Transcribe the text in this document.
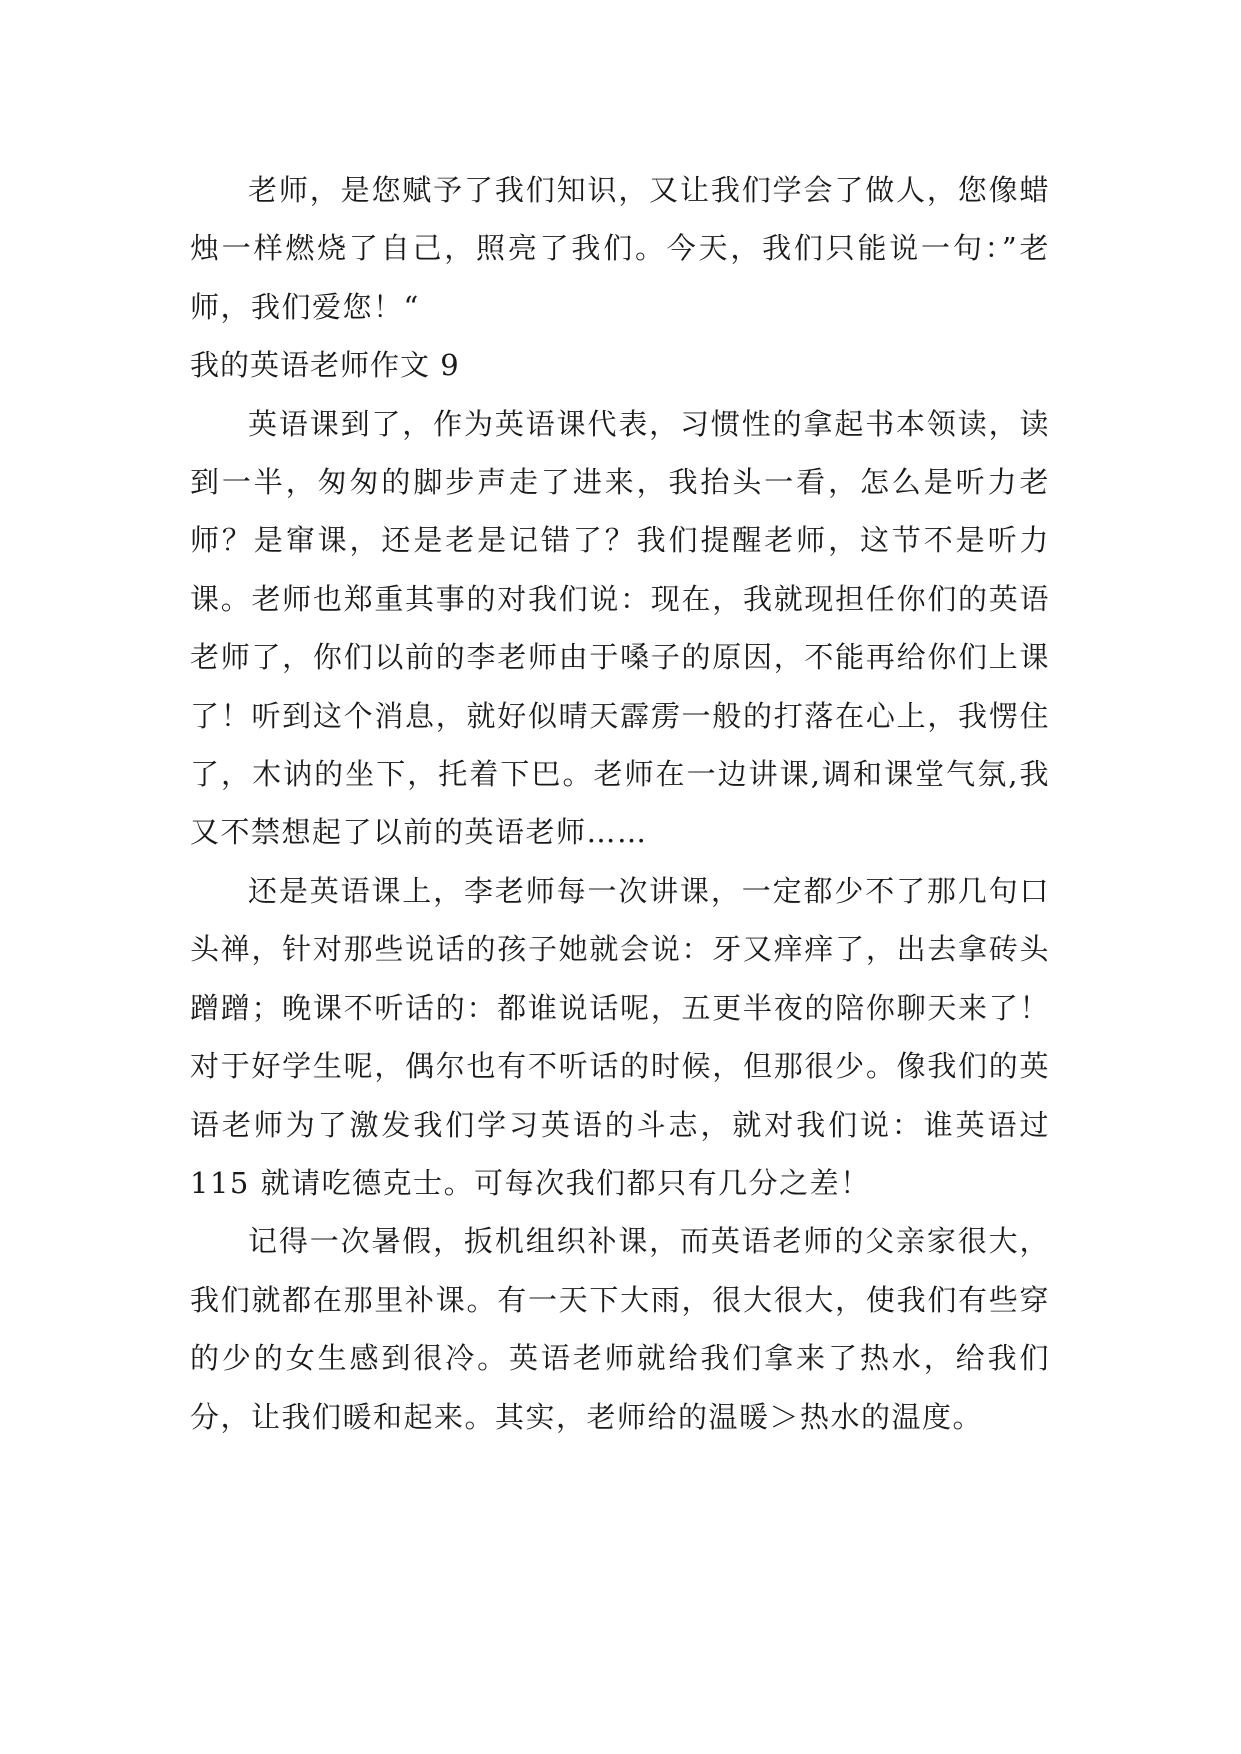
老师，是您赋予了我们知识，又让我们学会了做人，您像蜡烛一样燃烧了自己，照亮了我们。今天，我们只能说一句：”老师，我们爱您！“

我的英语老师作文 9

英语课到了，作为英语课代表，习惯性的拿起书本领读，读到一半，匆匆的脚步声走了进来，我抬头一看，怎么是听力老师？是窜课，还是老是记错了？我们提醒老师，这节不是听力课。老师也郑重其事的对我们说：现在，我就现担任你们的英语老师了，你们以前的李老师由于嗓子的原因，不能再给你们上课了！听到这个消息，就好似晴天霹雳一般的打落在心上，我愣住了，木讷的坐下，托着下巴。老师在一边讲课,调和课堂气氛,我又不禁想起了以前的英语老师……

还是英语课上，李老师每一次讲课，一定都少不了那几句口头禅，针对那些说话的孩子她就会说：牙又痒痒了，出去拿砖头蹭蹭；晚课不听话的：都谁说话呢，五更半夜的陪你聊天来了！对于好学生呢，偶尔也有不听话的时候，但那很少。像我们的英语老师为了激发我们学习英语的斗志，就对我们说：谁英语过 115 就请吃德克士。可每次我们都只有几分之差！

记得一次暑假，扳机组织补课，而英语老师的父亲家很大，我们就都在那里补课。有一天下大雨，很大很大，使我们有些穿的少的女生感到很冷。英语老师就给我们拿来了热水，给我们分，让我们暖和起来。其实，老师给的温暖＞热水的温度。
